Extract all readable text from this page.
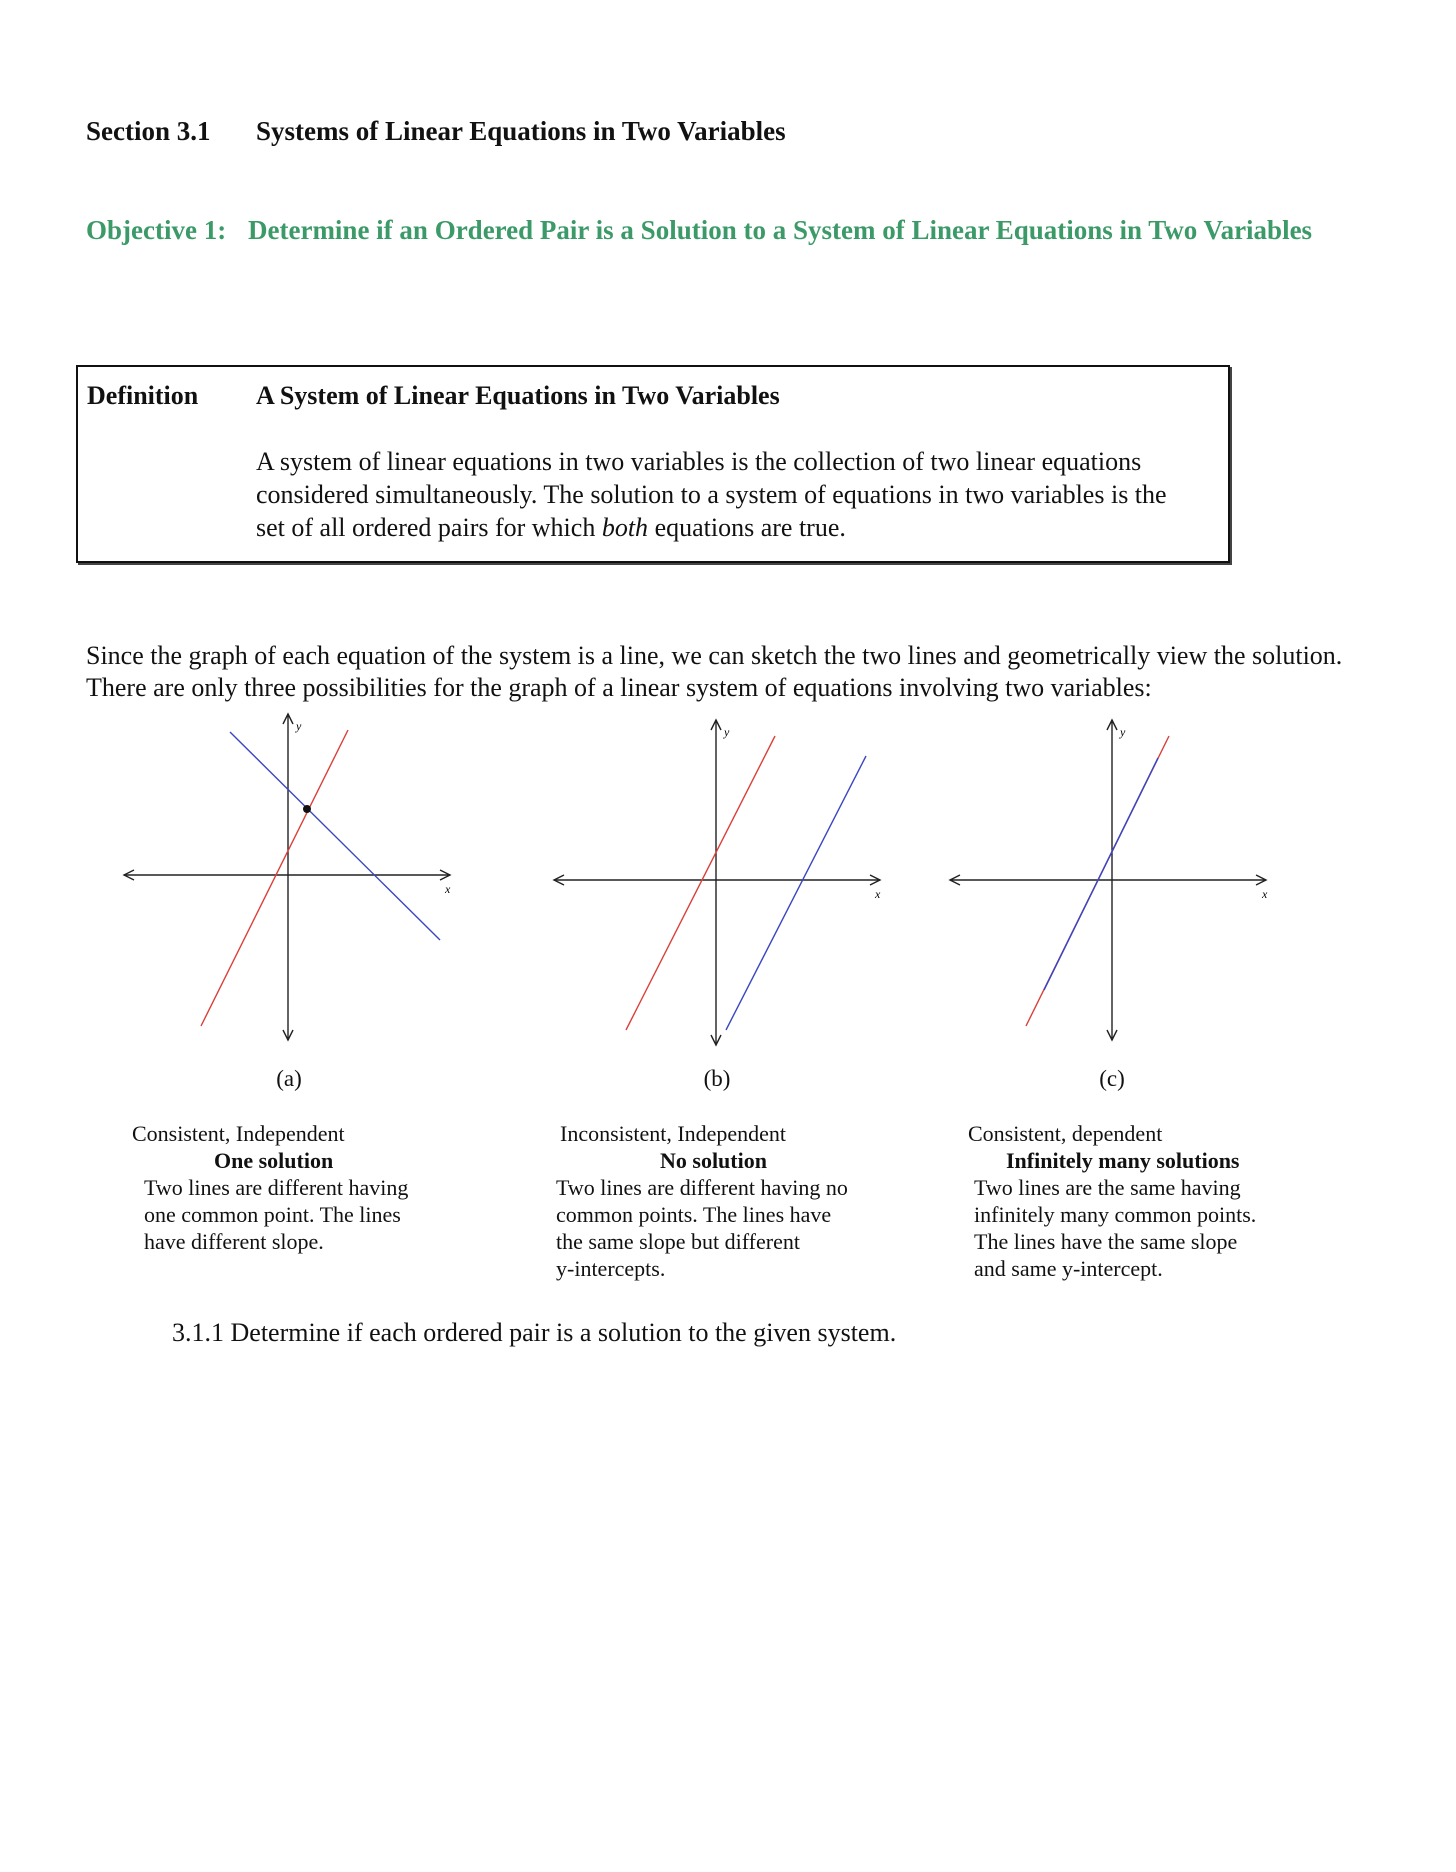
Section 3.1 Systems of Linear Equations in Two Variables
Objective 1: Determine if an Ordered Pair is a Solution to a System of Linear Equations in Two Variables
Definition A System of Linear Equations in Two Variables
A system of linear equations in two variables is the collection of two linear equations considered simultaneously. The solution to a system of equations in two variables is the set of all ordered pairs for which both equations are true.
Since the graph of each equation of the system is a line, we can sketch the two lines and geometrically view the solution. There are only three possibilities for the graph of a linear system of equations involving two variables:
x
y
(a)
x
y
(b)
x
y
(c)
Consistent, Independent
One solution
Two lines are different having
one common point. The lines
have different slope.
Inconsistent, Independent
No solution
Two lines are different having no
common points. The lines have
the same slope but different
y-intercepts.
Consistent, dependent
Infinitely many solutions
Two lines are the same having
infinitely many common points.
The lines have the same slope
and same y-intercept.
3.1.1 Determine if each ordered pair is a solution to the given system.
